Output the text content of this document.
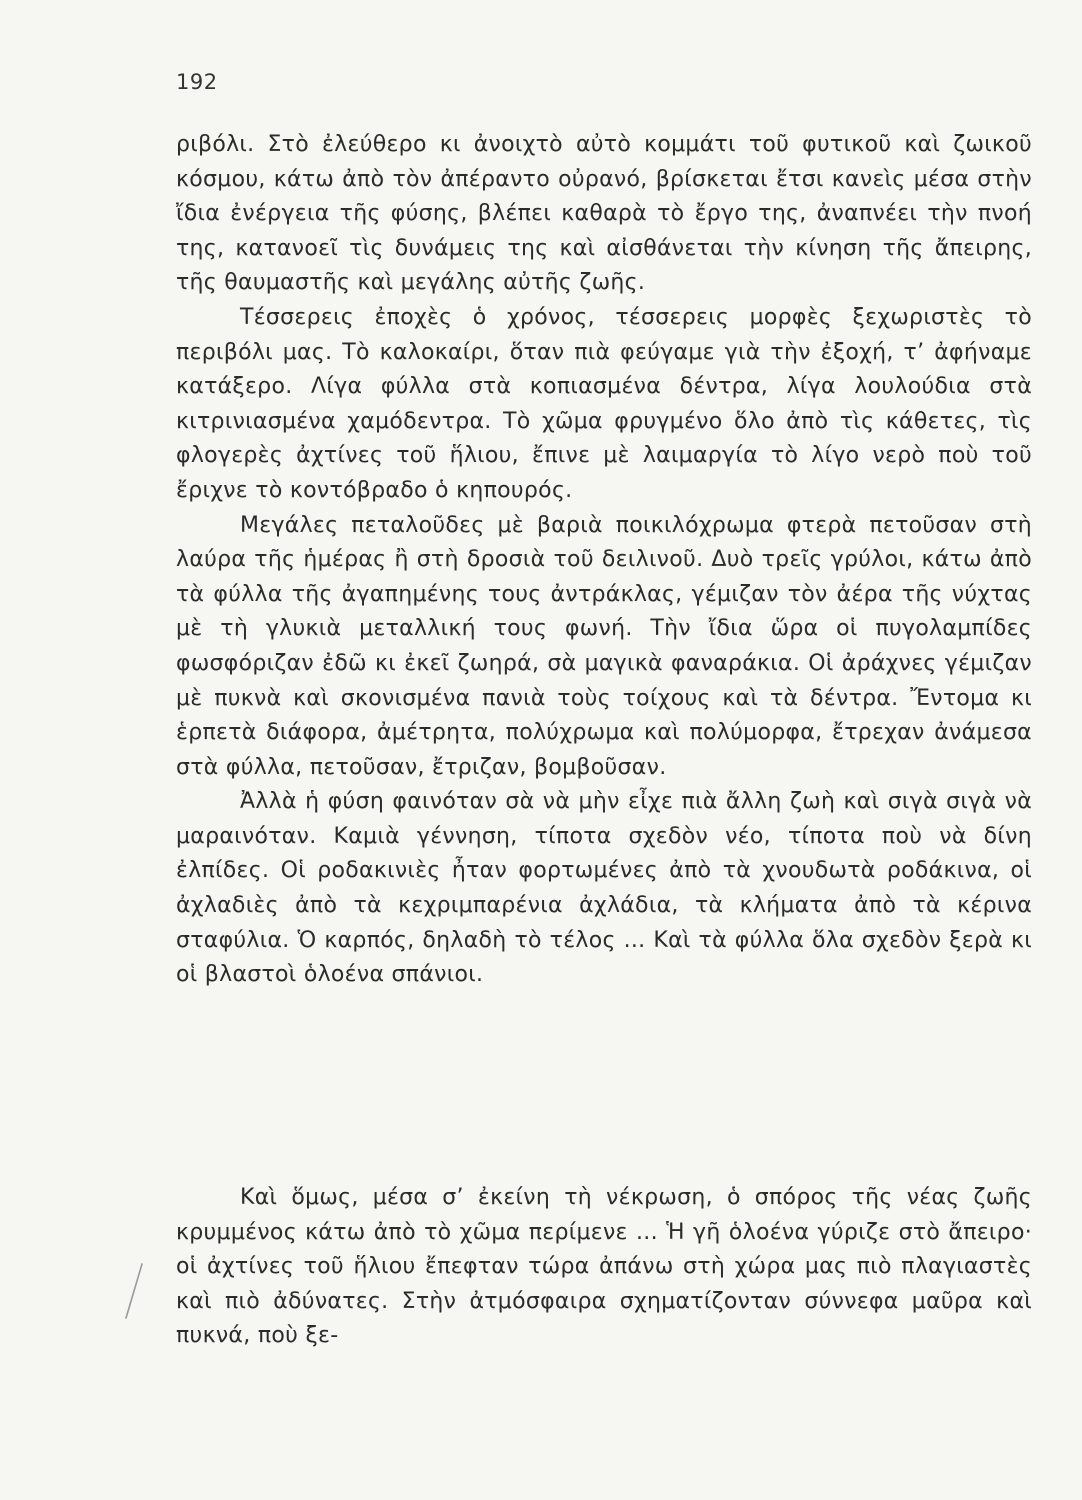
192

ριβόλι. Στὸ ἐλεύθερο κι ἀνοιχτὸ αὐτὸ κομμάτι τοῦ φυτικοῦ καὶ ζωικοῦ κόσμου, κάτω ἀπὸ τὸν ἀπέραντο οὐρανό, βρίσκεται ἔτσι κανεὶς μέσα στὴν ἴδια ἐνέργεια τῆς φύσης, βλέπει καθαρὰ τὸ ἔργο της, ἀναπνέει τὴν πνοή της, κατανοεῖ τὶς δυνάμεις της καὶ αἰσθάνεται τὴν κίνηση τῆς ἄπειρης, τῆς θαυμαστῆς καὶ μεγάλης αὐτῆς ζωῆς.

Τέσσερεις ἐποχὲς ὁ χρόνος, τέσσερεις μορφὲς ξεχωριστὲς τὸ περιβόλι μας. Τὸ καλοκαίρι, ὅταν πιὰ φεύγαμε γιὰ τὴν ἐξοχή, τ’ ἀφήναμε κατάξερο. Λίγα φύλλα στὰ κοπιασμένα δέντρα, λίγα λουλούδια στὰ κιτρινιασμένα χαμόδεντρα. Τὸ χῶμα φρυγμένο ὅλο ἀπὸ τὶς κάθετες, τὶς φλογερὲς ἀχτίνες τοῦ ἥλιου, ἔπινε μὲ λαιμαργία τὸ λίγο νερὸ ποὺ τοῦ ἔριχνε τὸ κοντόβραδο ὁ κηπουρός.

Μεγάλες πεταλοῦδες μὲ βαριὰ ποικιλόχρωμα φτερὰ πετοῦσαν στὴ λαύρα τῆς ἡμέρας ἢ στὴ δροσιὰ τοῦ δειλινοῦ. Δυὸ τρεῖς γρύλοι, κάτω ἀπὸ τὰ φύλλα τῆς ἀγαπημένης τους ἀντράκλας, γέμιζαν τὸν ἀέρα τῆς νύχτας μὲ τὴ γλυκιὰ μεταλλική τους φωνή. Τὴν ἴδια ὥρα οἱ πυγολαμπίδες φωσφόριζαν ἐδῶ κι ἐκεῖ ζωηρά, σὰ μαγικὰ φαναράκια. Οἱ ἀράχνες γέμιζαν μὲ πυκνὰ καὶ σκονισμένα πανιὰ τοὺς τοίχους καὶ τὰ δέντρα. Ἔντομα κι ἑρπετὰ διάφορα, ἀμέτρητα, πολύχρωμα καὶ πολύμορφα, ἔτρεχαν ἀνάμεσα στὰ φύλλα, πετοῦσαν, ἔτριζαν, βομβοῦσαν.

Ἀλλὰ ἡ φύση φαινόταν σὰ νὰ μὴν εἶχε πιὰ ἄλλη ζωὴ καὶ σιγὰ σιγὰ νὰ μαραινόταν. Καμιὰ γέννηση, τίποτα σχεδὸν νέο, τίποτα ποὺ νὰ δίνη ἐλπίδες. Οἱ ροδακινιὲς ἦταν φορτωμένες ἀπὸ τὰ χνουδωτὰ ροδάκινα, οἱ ἀχλαδιὲς ἀπὸ τὰ κεχριμπαρένια ἀχλάδια, τὰ κλήματα ἀπὸ τὰ κέρινα σταφύλια. Ὁ καρπός, δηλαδὴ τὸ τέλος ... Καὶ τὰ φύλλα ὅλα σχεδὸν ξερὰ κι οἱ βλαστοὶ ὁλοένα σπάνιοι.

Καὶ ὅμως, μέσα σ’ ἐκείνη τὴ νέκρωση, ὁ σπόρος τῆς νέας ζωῆς κρυμμένος κάτω ἀπὸ τὸ χῶμα περίμενε ... Ἡ γῆ ὁλοένα γύριζε στὸ ἄπειρο· οἱ ἀχτίνες τοῦ ἥλιου ἔπεφταν τώρα ἀπάνω στὴ χώρα μας πιὸ πλαγιαστὲς καὶ πιὸ ἀδύνατες. Στὴν ἀτμόσφαιρα σχηματίζονταν σύννεφα μαῦρα καὶ πυκνά, ποὺ ξε-
